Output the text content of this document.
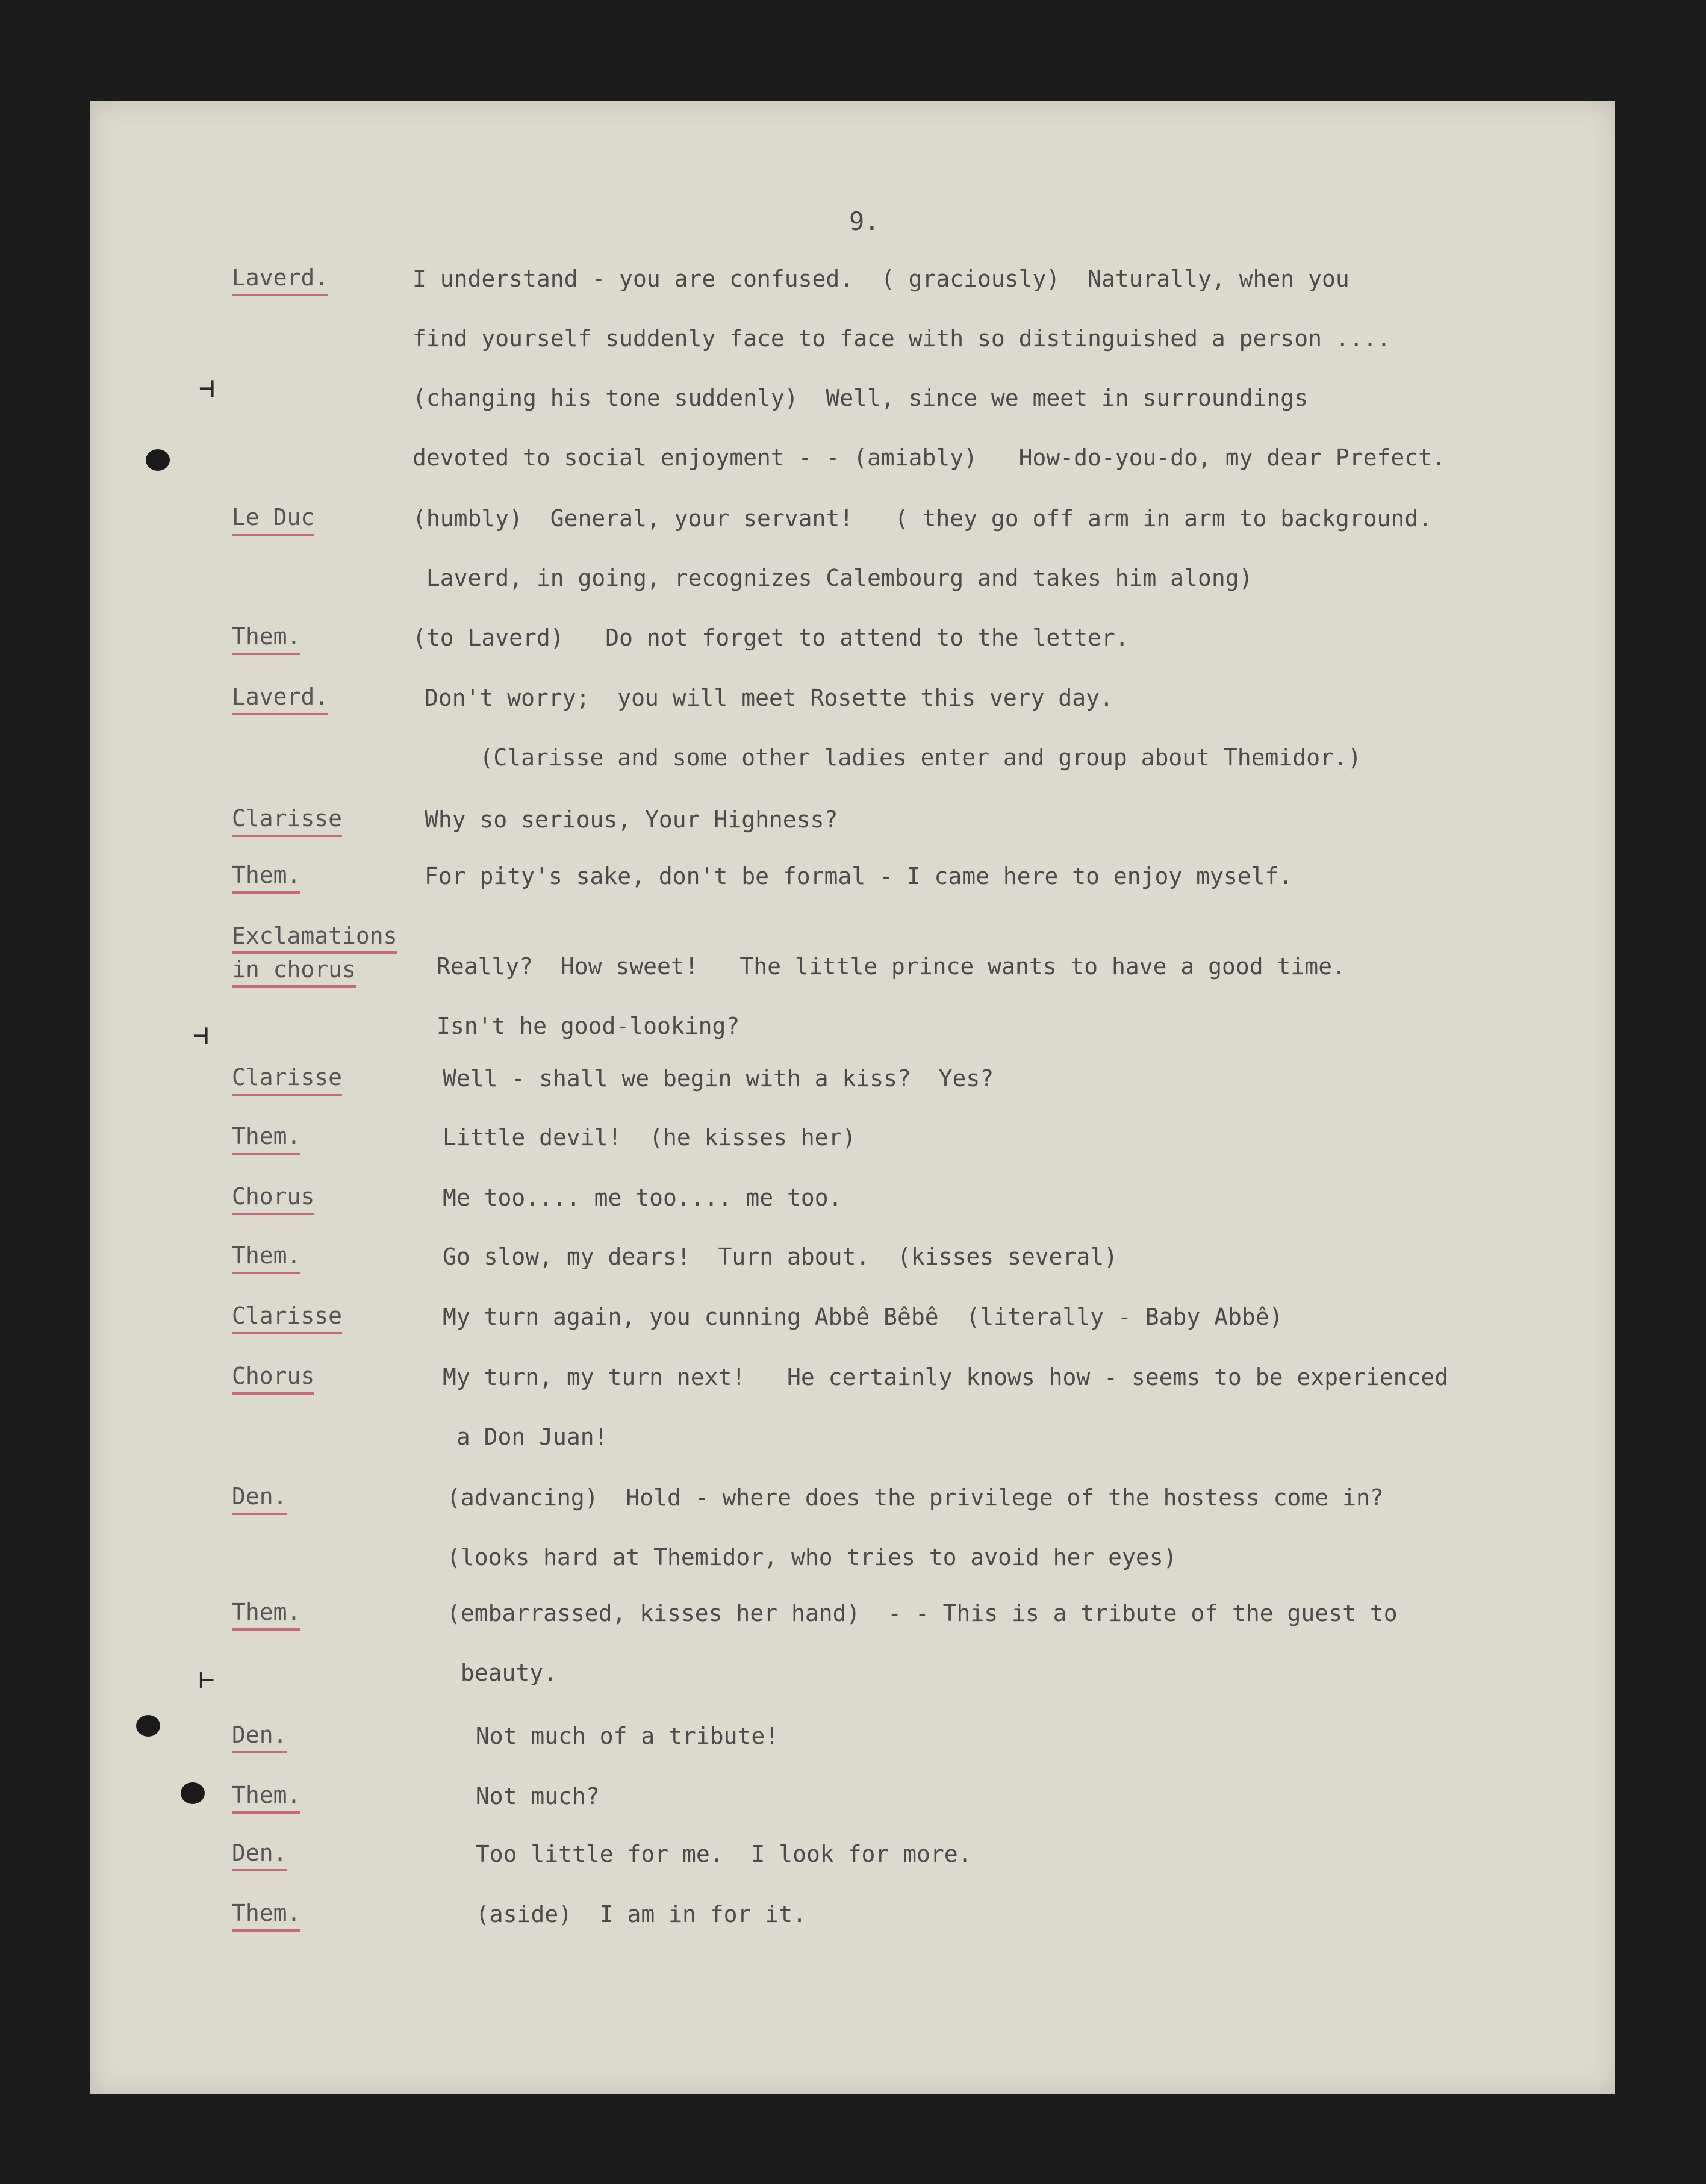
9.
Laverd.	I understand - you are confused.  ( graciously)  Naturally, when you
find yourself suddenly face to face with so distinguished a person ....
(changing his tone suddenly)  Well, since we meet in surroundings
devoted to social enjoyment - - (amiably)   How-do-you-do, my dear Prefect.
Le Duc	(humbly)  General, your servant!   ( they go off arm in arm to background.
Laverd, in going, recognizes Calembourg and takes him along)
Them.	(to Laverd)   Do not forget to attend to the letter.
Laverd.	Don't worry;  you will meet Rosette this very day.
(Clarisse and some other ladies enter and group about Themidor.)
Clarisse	Why so serious, Your Highness?
Them.	For pity's sake, don't be formal - I came here to enjoy myself.
Exclamations
in chorus	Really?  How sweet!   The little prince wants to have a good time.
Isn't he good-looking?
Clarisse	Well - shall we begin with a kiss?  Yes?
Them.	Little devil!  (he kisses her)
Chorus	Me too.... me too.... me too.
Them.	Go slow, my dears!  Turn about.  (kisses several)
Clarisse	My turn again, you cunning Abbê Bêbê  (literally - Baby Abbê)
Chorus	My turn, my turn next!   He certainly knows how - seems to be experienced
a Don Juan!
Den.	(advancing)  Hold - where does the privilege of the hostess come in?
(looks hard at Themidor, who tries to avoid her eyes)
Them.	(embarrassed, kisses her hand)  - - This is a tribute of the guest to
beauty.
Den.	Not much of a tribute!
Them.	Not much?
Den.	Too little for me.  I look for more.
Them.	(aside)  I am in for it.
⊣
⊣
⊢
